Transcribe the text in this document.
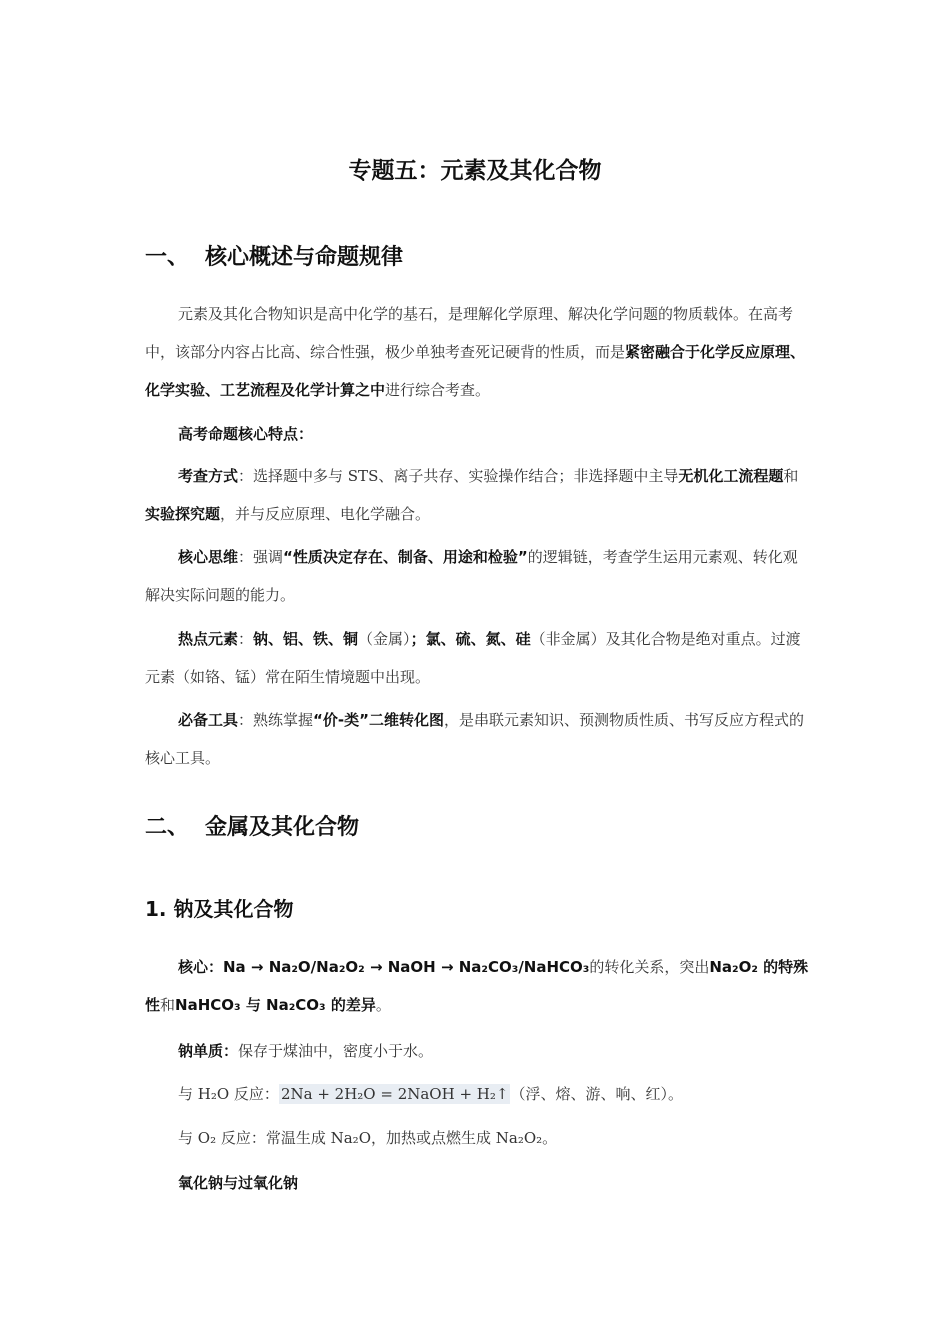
专题五：元素及其化合物
一、 核心概述与命题规律
元素及其化合物知识是高中化学的基石，是理解化学原理、解决化学问题的物质载体。在高考中，该部分内容占比高、综合性强，极少单独考查死记硬背的性质，而是紧密融合于化学反应原理、化学实验、工艺流程及化学计算之中进行综合考查。
高考命题核心特点：
考查方式：选择题中多与 STS、离子共存、实验操作结合；非选择题中主导无机化工流程题和实验探究题，并与反应原理、电化学融合。
核心思维：强调“性质决定存在、制备、用途和检验”的逻辑链，考查学生运用元素观、转化观解决实际问题的能力。
热点元素：钠、铝、铁、铜（金属）；氯、硫、氮、硅（非金属）及其化合物是绝对重点。过渡元素（如铬、锰）常在陌生情境题中出现。
必备工具：熟练掌握“价-类”二维转化图，是串联元素知识、预测物质性质、书写反应方程式的核心工具。
二、 金属及其化合物
1. 钠及其化合物
核心：Na → Na₂O/Na₂O₂ → NaOH → Na₂CO₃/NaHCO₃的转化关系，突出Na₂O₂ 的特殊性和NaHCO₃ 与 Na₂CO₃ 的差异。
钠单质：保存于煤油中，密度小于水。
与 H₂O 反应： 2Na + 2H₂O = 2NaOH + H₂↑ （浮、熔、游、响、红）。
与 O₂ 反应：常温生成 Na₂O，加热或点燃生成 Na₂O₂。
氧化钠与过氧化钠
